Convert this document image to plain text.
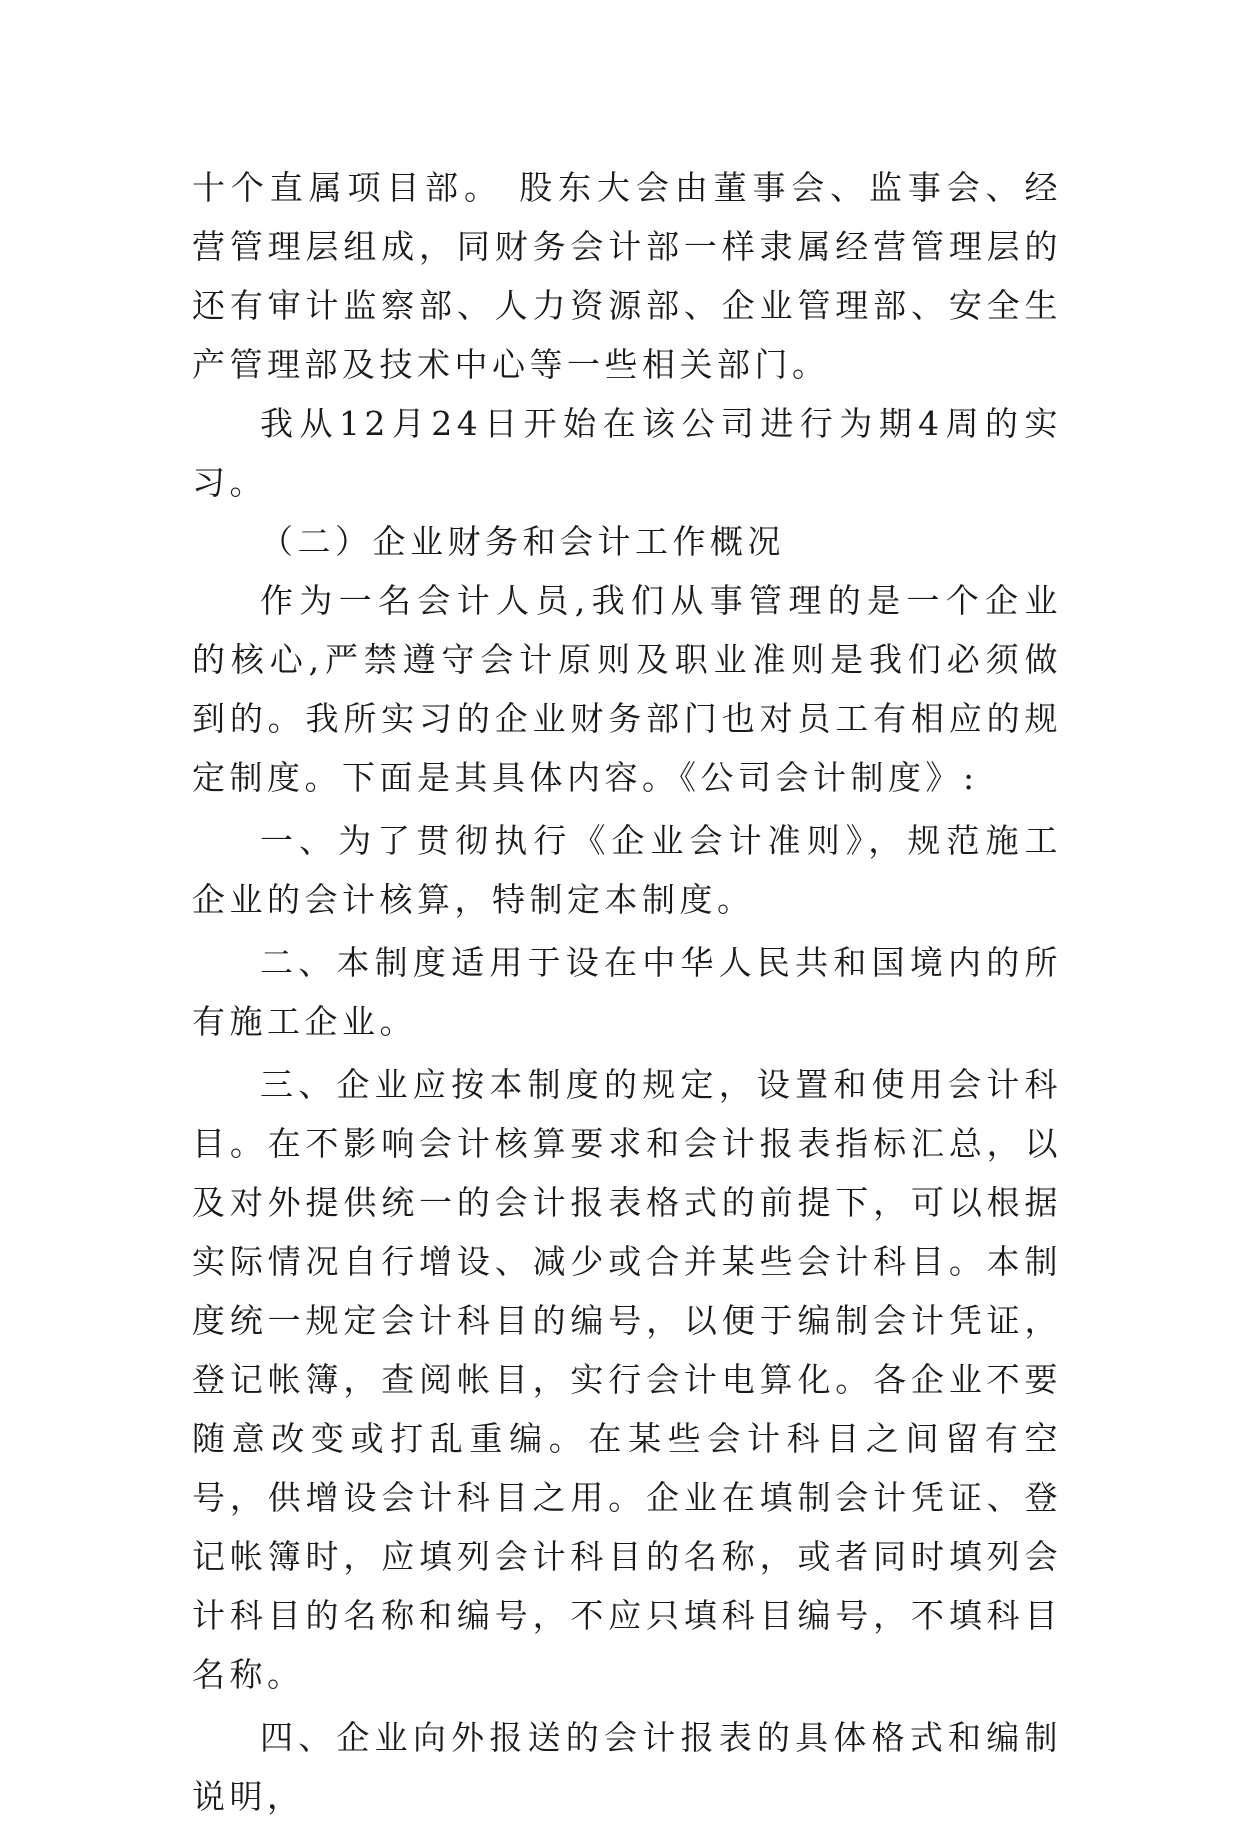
十个直属项目部。 股东大会由董事会、监事会、经营管理层组成，同财务会计部一样隶属经营管理层的还有审计监察部、人力资源部、企业管理部、安全生产管理部及技术中心等一些相关部门。

我从12月24日开始在该公司进行为期4周的实习。

（二）企业财务和会计工作概况

作为一名会计人员,我们从事管理的是一个企业的核心,严禁遵守会计原则及职业准则是我们必须做到的。我所实习的企业财务部门也对员工有相应的规定制度。下面是其具体内容。《公司会计制度》:

一、为了贯彻执行《企业会计准则》，规范施工企业的会计核算，特制定本制度。

二、本制度适用于设在中华人民共和国境内的所有施工企业。

三、企业应按本制度的规定，设置和使用会计科目。在不影响会计核算要求和会计报表指标汇总，以及对外提供统一的会计报表格式的前提下，可以根据实际情况自行增设、减少或合并某些会计科目。本制度统一规定会计科目的编号，以便于编制会计凭证，登记帐簿，查阅帐目，实行会计电算化。各企业不要随意改变或打乱重编。在某些会计科目之间留有空号，供增设会计科目之用。企业在填制会计凭证、登记帐簿时，应填列会计科目的名称，或者同时填列会计科目的名称和编号，不应只填科目编号，不填科目名称。

四、企业向外报送的会计报表的具体格式和编制说明，
